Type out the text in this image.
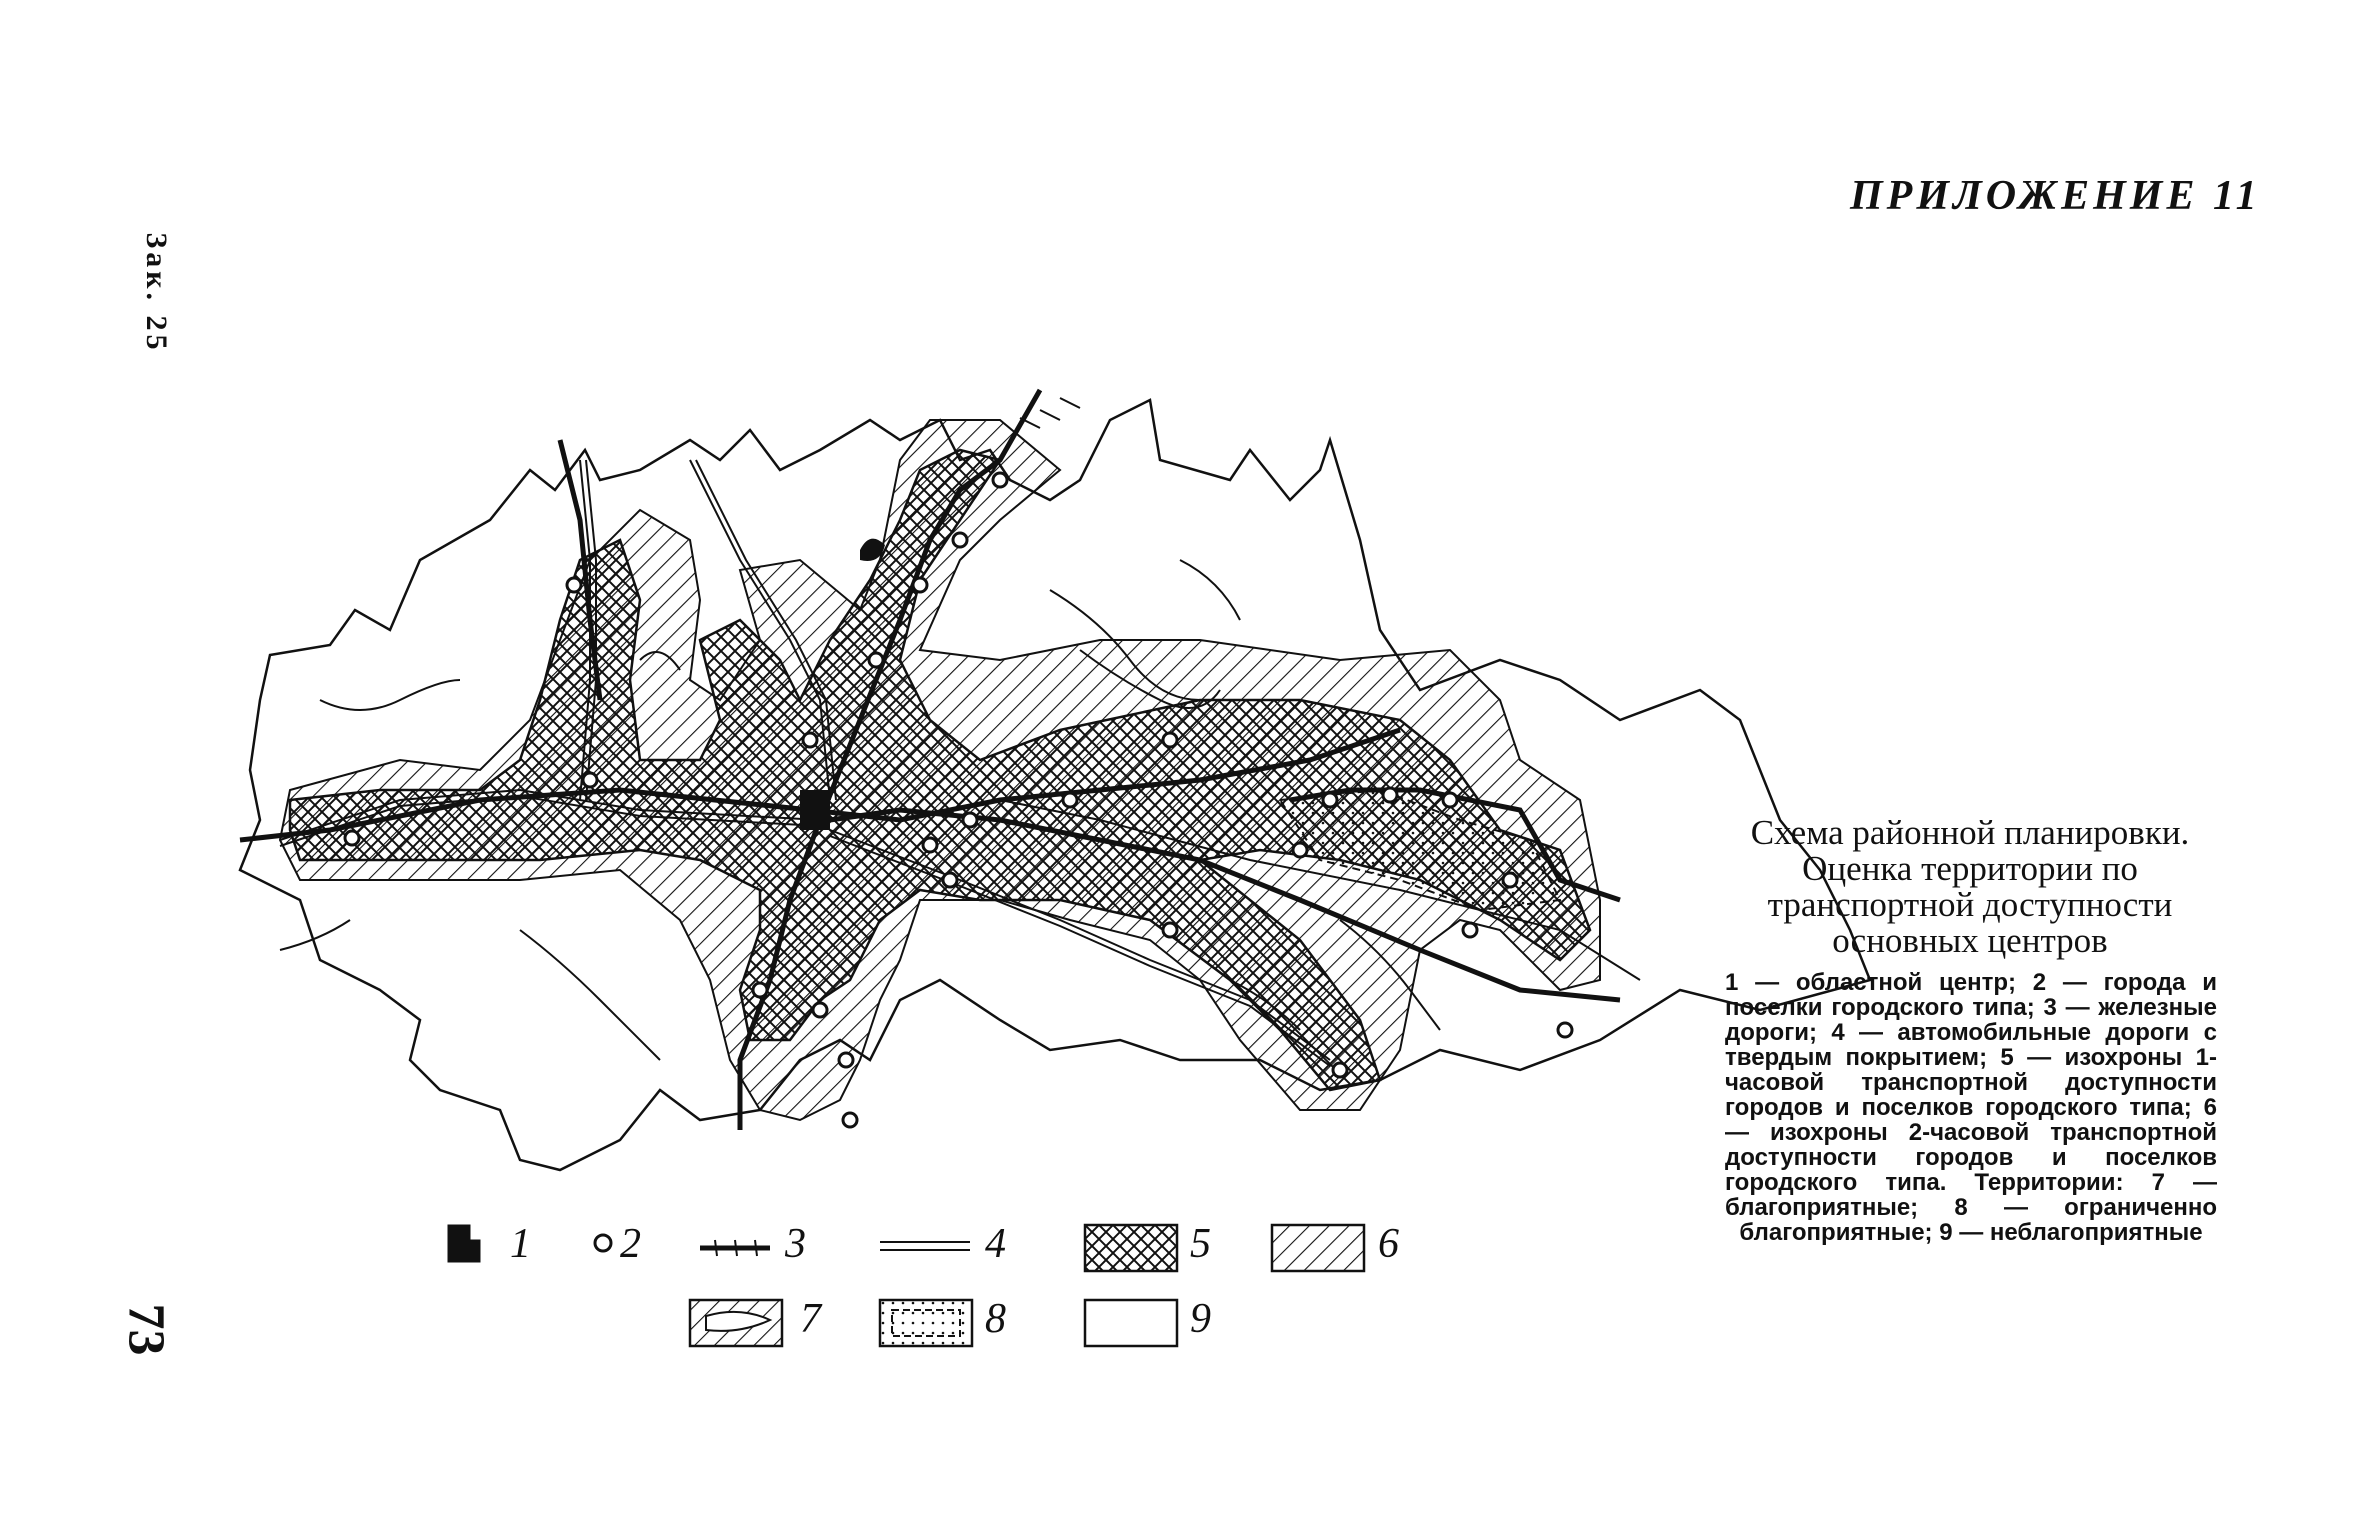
Зак. 25
ПРИЛОЖЕНИЕ 11
1 2	3	4	5	6
7	8	9
Схема районной планировки. Оценка территории по транспортной доступности основных центров

1 — областной центр; 2 — города и поселки городского типа; 3 — железные дороги; 4 — автомобильные дороги с твердым покрытием; 5 — изохроны 1-часовой транспортной доступности городов и поселков городского типа; 6 — изохроны 2-часовой транспортной доступности городов и поселков городского типа. Территории: 7 — благоприятные; 8 — ограниченно благоприятные; 9 — неблагоприятные

73
